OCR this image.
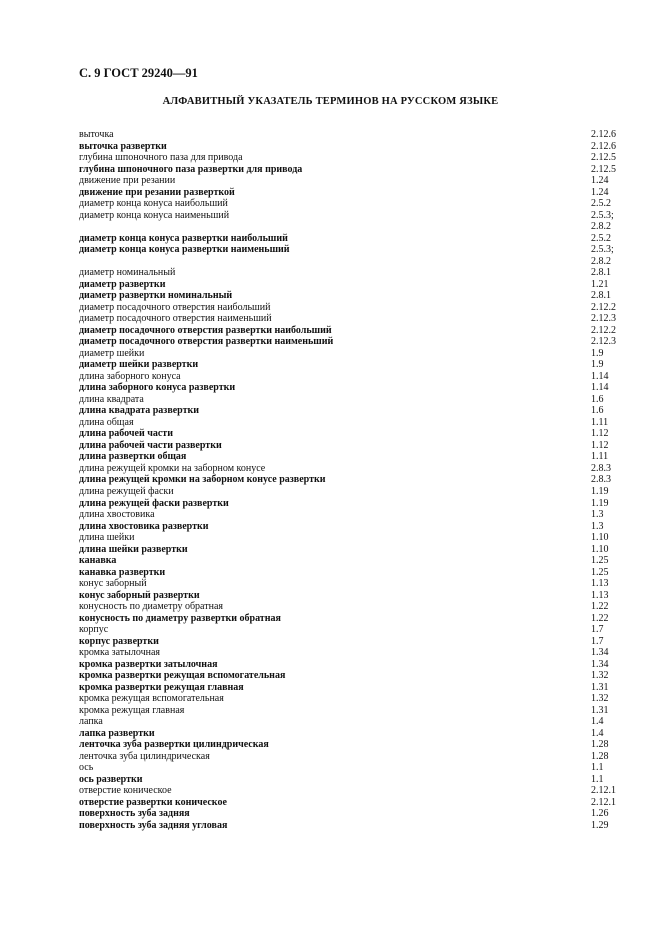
С. 9 ГОСТ 29240—91
АЛФАВИТНЫЙ УКАЗАТЕЛЬ ТЕРМИНОВ НА РУССКОМ ЯЗЫКЕ
выточка	2.12.6
выточка развертки	2.12.6
глубина шпоночного паза для привода	2.12.5
глубина шпоночного паза развертки для привода	2.12.5
движение при резании	1.24
движение при резании разверткой	1.24
диаметр конца конуса наибольший	2.5.2
диаметр конца конуса наименьший	2.5.3;
2.8.2
диаметр конца конуса развертки наибольший	2.5.2
диаметр конца конуса развертки наименьший	2.5.3;
2.8.2
диаметр номинальный	2.8.1
диаметр развертки	1.21
диаметр развертки номинальный	2.8.1
диаметр посадочного отверстия наибольший	2.12.2
диаметр посадочного отверстия наименьший	2.12.3
диаметр посадочного отверстия развертки наибольший	2.12.2
диаметр посадочного отверстия развертки наименьший	2.12.3
диаметр шейки	1.9
диаметр шейки развертки	1.9
длина заборного конуса	1.14
длина заборного конуса развертки	1.14
длина квадрата	1.6
длина квадрата развертки	1.6
длина общая	1.11
длина рабочей части	1.12
длина рабочей части развертки	1.12
длина развертки общая	1.11
длина режущей кромки на заборном конусе	2.8.3
длина режущей кромки на заборном конусе развертки	2.8.3
длина режущей фаски	1.19
длина режущей фаски развертки	1.19
длина хвостовика	1.3
длина хвостовика развертки	1.3
длина шейки	1.10
длина шейки развертки	1.10
канавка	1.25
канавка развертки	1.25
конус заборный	1.13
конус заборный развертки	1.13
конусность по диаметру обратная	1.22
конусность по диаметру развертки обратная	1.22
корпус	1.7
корпус развертки	1.7
кромка затылочная	1.34
кромка развертки затылочная	1.34
кромка развертки режущая вспомогательная	1.32
кромка развертки режущая главная	1.31
кромка режущая вспомогательная	1.32
кромка режущая главная	1.31
лапка	1.4
лапка развертки	1.4
ленточка зуба развертки цилиндрическая	1.28
ленточка зуба цилиндрическая	1.28
ось	1.1
ось развертки	1.1
отверстие коническое	2.12.1
отверстие развертки коническое	2.12.1
поверхность зуба задняя	1.26
поверхность зуба задняя угловая	1.29
